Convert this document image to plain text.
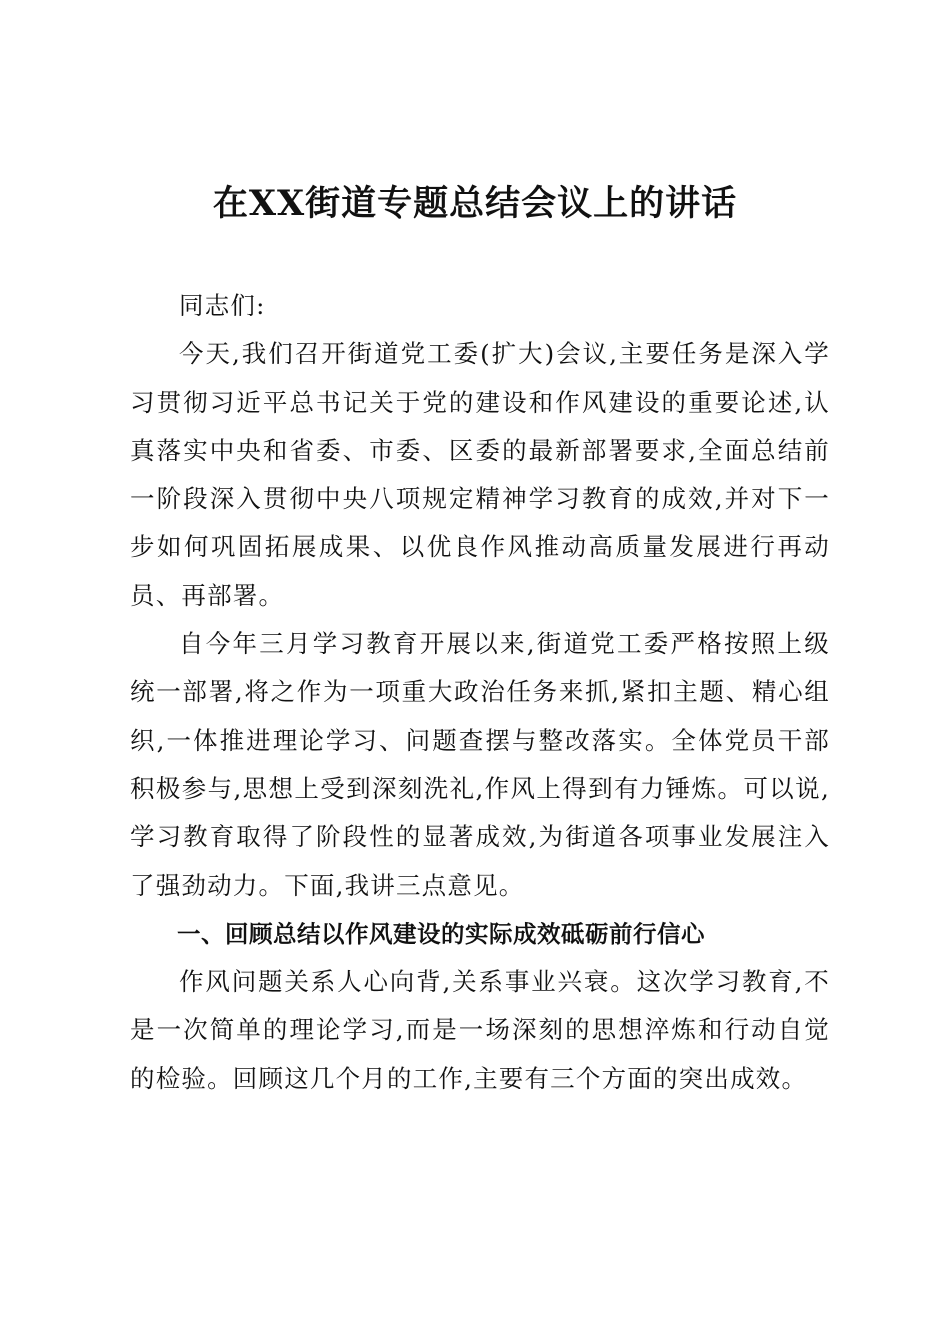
在XX街道专题总结会议上的讲话

同志们:

今天,我们召开街道党工委(扩大)会议,主要任务是深入学习贯彻习近平总书记关于党的建设和作风建设的重要论述,认真落实中央和省委、市委、区委的最新部署要求,全面总结前一阶段深入贯彻中央八项规定精神学习教育的成效,并对下一步如何巩固拓展成果、以优良作风推动高质量发展进行再动员、再部署。

自今年三月学习教育开展以来,街道党工委严格按照上级统一部署,将之作为一项重大政治任务来抓,紧扣主题、精心组织,一体推进理论学习、问题查摆与整改落实。全体党员干部积极参与,思想上受到深刻洗礼,作风上得到有力锤炼。可以说,学习教育取得了阶段性的显著成效,为街道各项事业发展注入了强劲动力。下面,我讲三点意见。

一、回顾总结以作风建设的实际成效砥砺前行信心

作风问题关系人心向背,关系事业兴衰。这次学习教育,不是一次简单的理论学习,而是一场深刻的思想淬炼和行动自觉的检验。回顾这几个月的工作,主要有三个方面的突出成效。
